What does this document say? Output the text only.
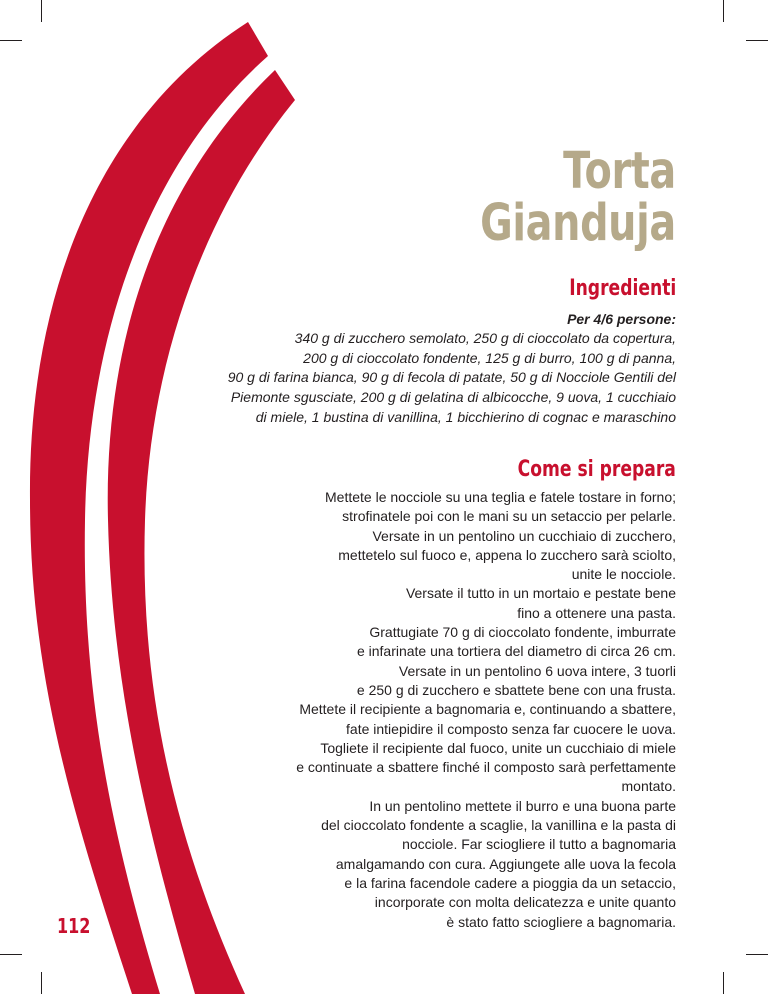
Torta
Gianduja
Ingredienti
Per 4/6 persone:
340 g di zucchero semolato, 250 g di cioccolato da copertura,
200 g di cioccolato fondente, 125 g di burro, 100 g di panna,
90 g di farina bianca, 90 g di fecola di patate, 50 g di Nocciole Gentili del
Piemonte sgusciate, 200 g di gelatina di albicocche, 9 uova, 1 cucchiaio
di miele, 1 bustina di vanillina, 1 bicchierino di cognac e maraschino
Come si prepara
Mettete le nocciole su una teglia e fatele tostare in forno;
strofinatele poi con le mani su un setaccio per pelarle.
Versate in un pentolino un cucchiaio di zucchero,
mettetelo sul fuoco e, appena lo zucchero sarà sciolto,
unite le nocciole.
Versate il tutto in un mortaio e pestate bene
fino a ottenere una pasta.
Grattugiate 70 g di cioccolato fondente, imburrate
e infarinate una tortiera del diametro di circa 26 cm.
Versate in un pentolino 6 uova intere, 3 tuorli
e 250 g di zucchero e sbattete bene con una frusta.
Mettete il recipiente a bagnomaria e, continuando a sbattere,
fate intiepidire il composto senza far cuocere le uova.
Togliete il recipiente dal fuoco, unite un cucchiaio di miele
e continuate a sbattere finché il composto sarà perfettamente
montato.
In un pentolino mettete il burro e una buona parte
del cioccolato fondente a scaglie, la vanillina e la pasta di
nocciole. Far sciogliere il tutto a bagnomaria
amalgamando con cura. Aggiungete alle uova la fecola
e la farina facendole cadere a pioggia da un setaccio,
incorporate con molta delicatezza e unite quanto
è stato fatto sciogliere a bagnomaria.
112
